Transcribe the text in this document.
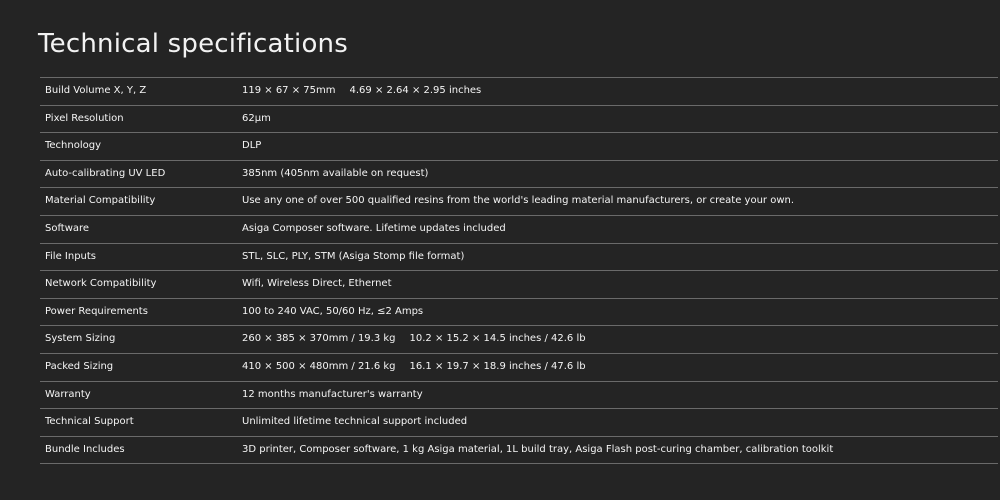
Technical specifications
Build Volume X, Y, Z	119 × 67 × 75mm 4.69 × 2.64 × 2.95 inches
Pixel Resolution	62µm
Technology	DLP
Auto-calibrating UV LED	385nm (405nm available on request)
Material Compatibility	Use any one of over 500 qualified resins from the world's leading material manufacturers, or create your own.
Software	Asiga Composer software. Lifetime updates included
File Inputs	STL, SLC, PLY, STM (Asiga Stomp file format)
Network Compatibility	Wifi, Wireless Direct, Ethernet
Power Requirements	100 to 240 VAC, 50/60 Hz, ≤2 Amps
System Sizing	260 × 385 × 370mm / 19.3 kg 10.2 × 15.2 × 14.5 inches / 42.6 lb
Packed Sizing	410 × 500 × 480mm / 21.6 kg 16.1 × 19.7 × 18.9 inches / 47.6 lb
Warranty	12 months manufacturer's warranty
Technical Support	Unlimited lifetime technical support included
Bundle Includes	3D printer, Composer software, 1 kg Asiga material, 1L build tray, Asiga Flash post-curing chamber, calibration toolkit
